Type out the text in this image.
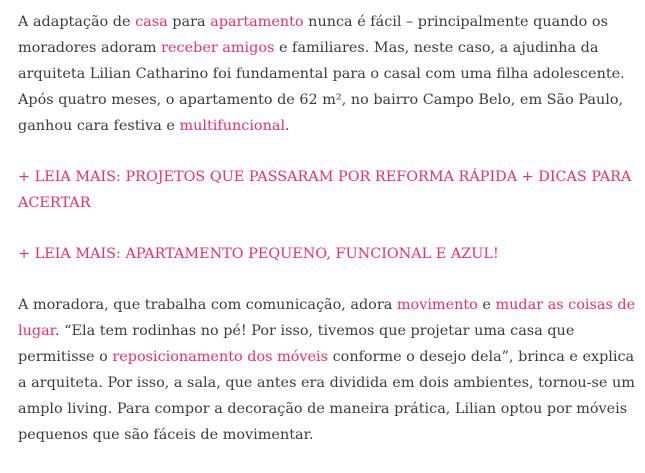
A adaptação de casa para apartamento nunca é fácil – principalmente quando os
moradores adoram receber amigos e familiares. Mas, neste caso, a ajudinha da
arquiteta Lilian Catharino foi fundamental para o casal com uma filha adolescente.
Após quatro meses, o apartamento de 62 m², no bairro Campo Belo, em São Paulo,
ganhou cara festiva e multifuncional.

+ LEIA MAIS: PROJETOS QUE PASSARAM POR REFORMA RÁPIDA + DICAS PARA
ACERTAR

+ LEIA MAIS: APARTAMENTO PEQUENO, FUNCIONAL E AZUL!

A moradora, que trabalha com comunicação, adora movimento e mudar as coisas de
lugar. “Ela tem rodinhas no pé! Por isso, tivemos que projetar uma casa que
permitisse o reposicionamento dos móveis conforme o desejo dela”, brinca e explica
a arquiteta. Por isso, a sala, que antes era dividida em dois ambientes, tornou-se um
amplo living. Para compor a decoração de maneira prática, Lilian optou por móveis
pequenos que são fáceis de movimentar.
